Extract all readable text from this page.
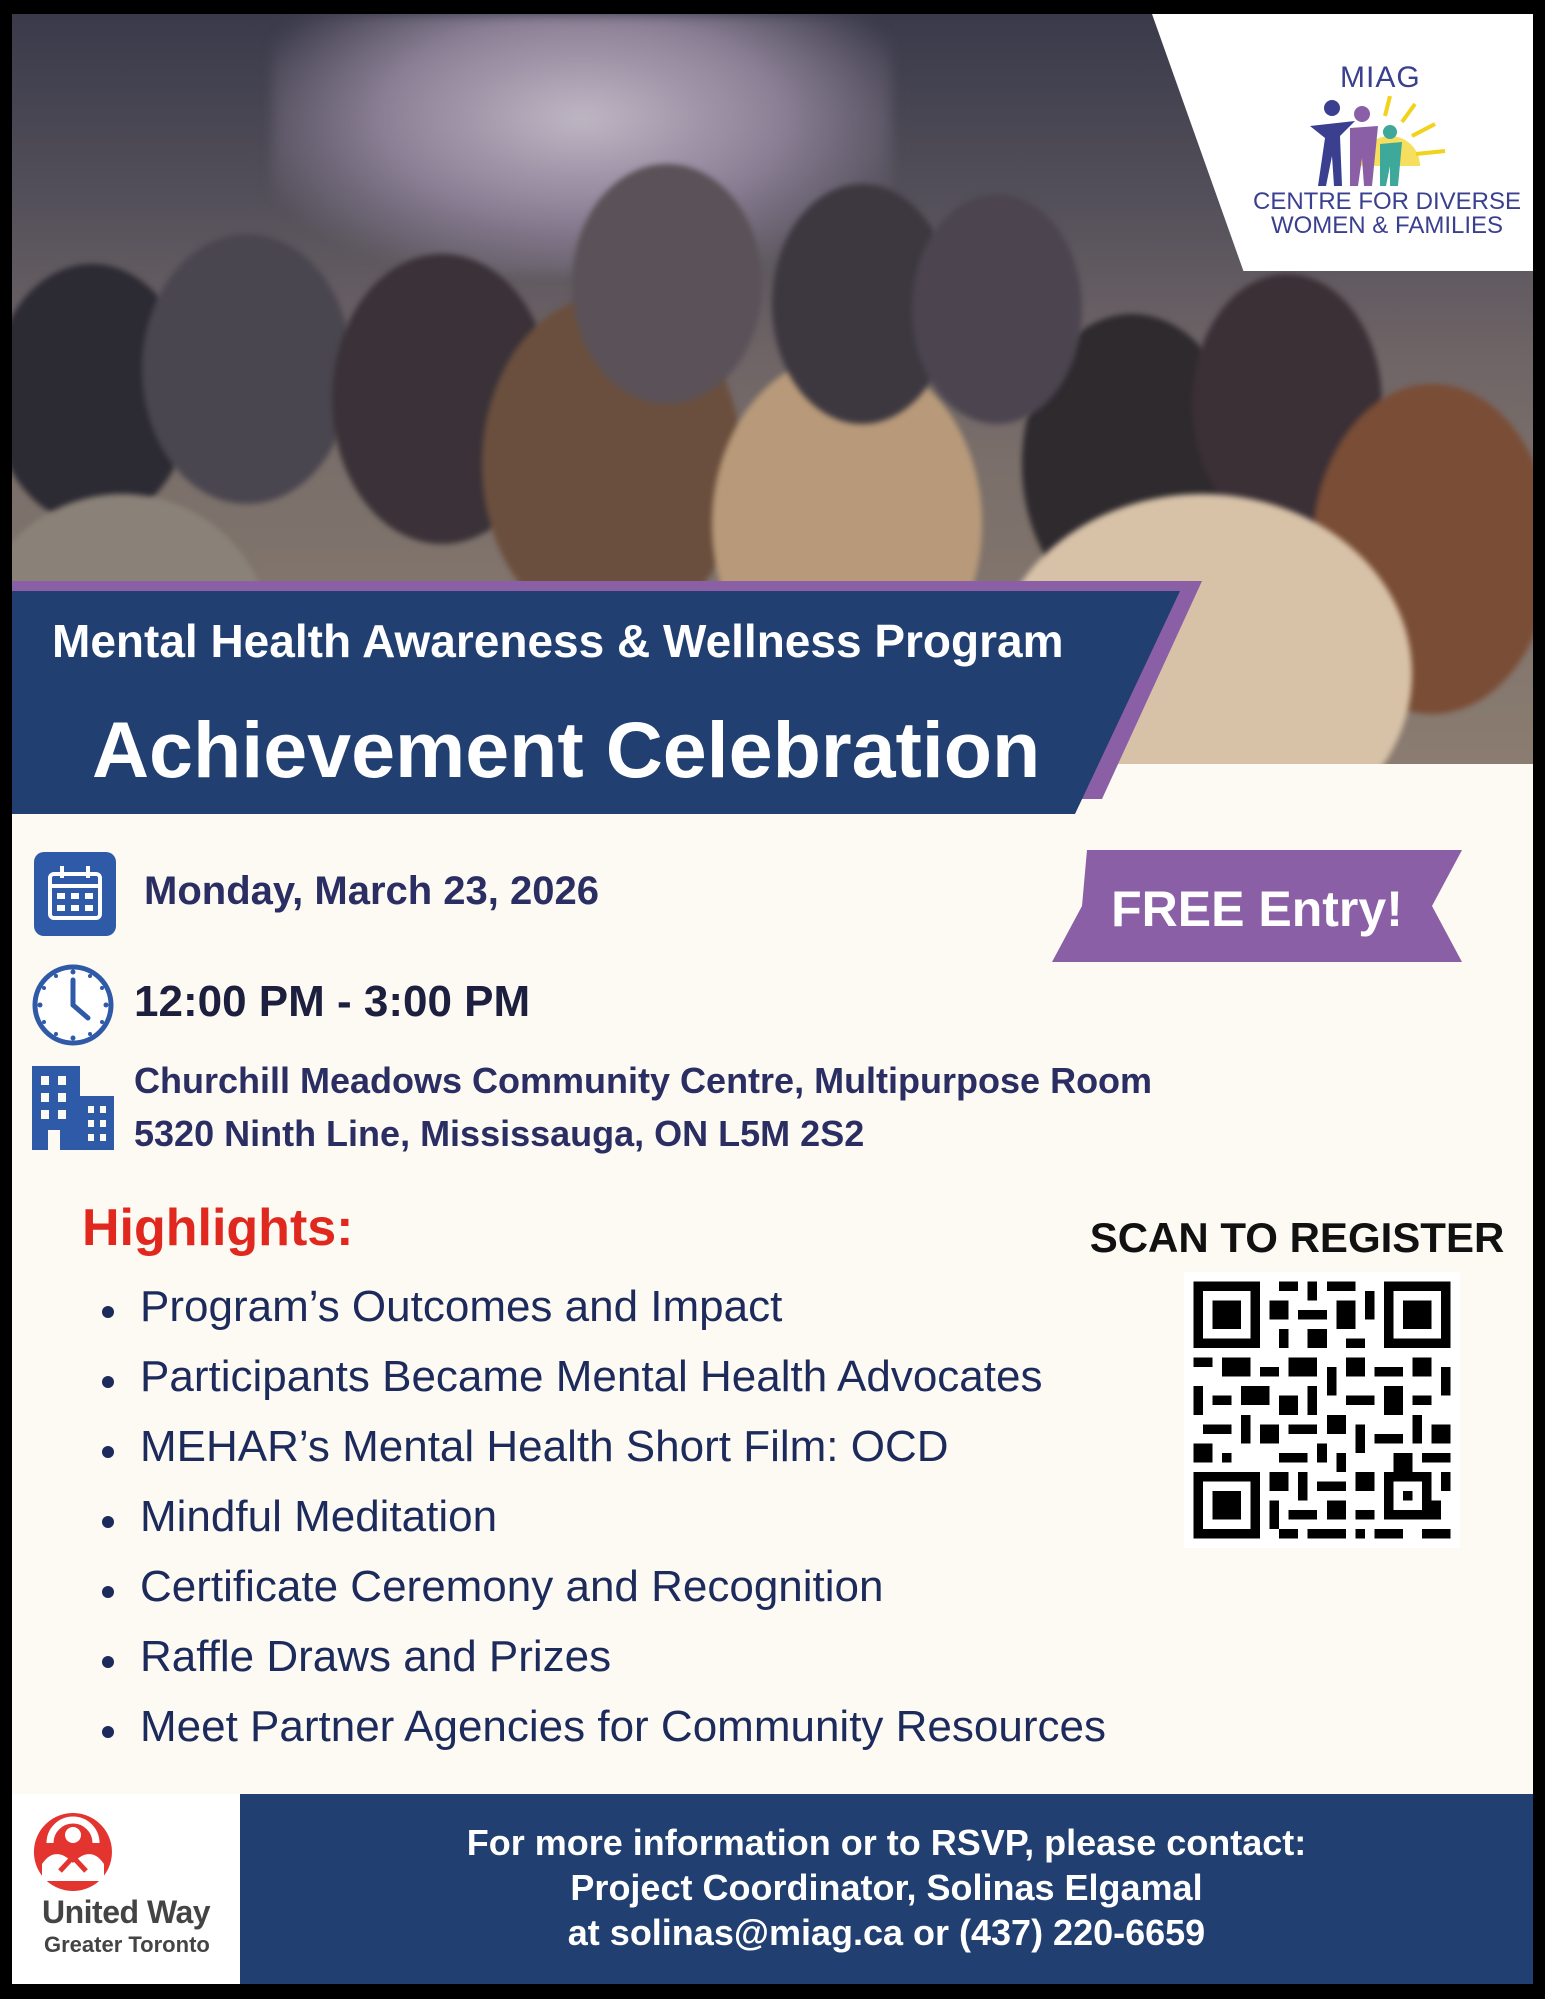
MIAG
CENTRE FOR DIVERSE
WOMEN & FAMILIES
Mental Health Awareness & Wellness Program
Achievement Celebration
Monday, March 23, 2026
12:00 PM - 3:00 PM
Churchill Meadows Community Centre, Multipurpose Room
5320 Ninth Line, Mississauga, ON L5M 2S2
FREE Entry!
Highlights:
Program’s Outcomes and Impact
Participants Became Mental Health Advocates
MEHAR’s Mental Health Short Film: OCD
Mindful Meditation
Certificate Ceremony and Recognition
Raffle Draws and Prizes
Meet Partner Agencies for Community Resources
SCAN TO REGISTER
United Way
Greater Toronto
For more information or to RSVP, please contact:
Project Coordinator, Solinas Elgamal
at solinas@miag.ca or (437) 220-6659
